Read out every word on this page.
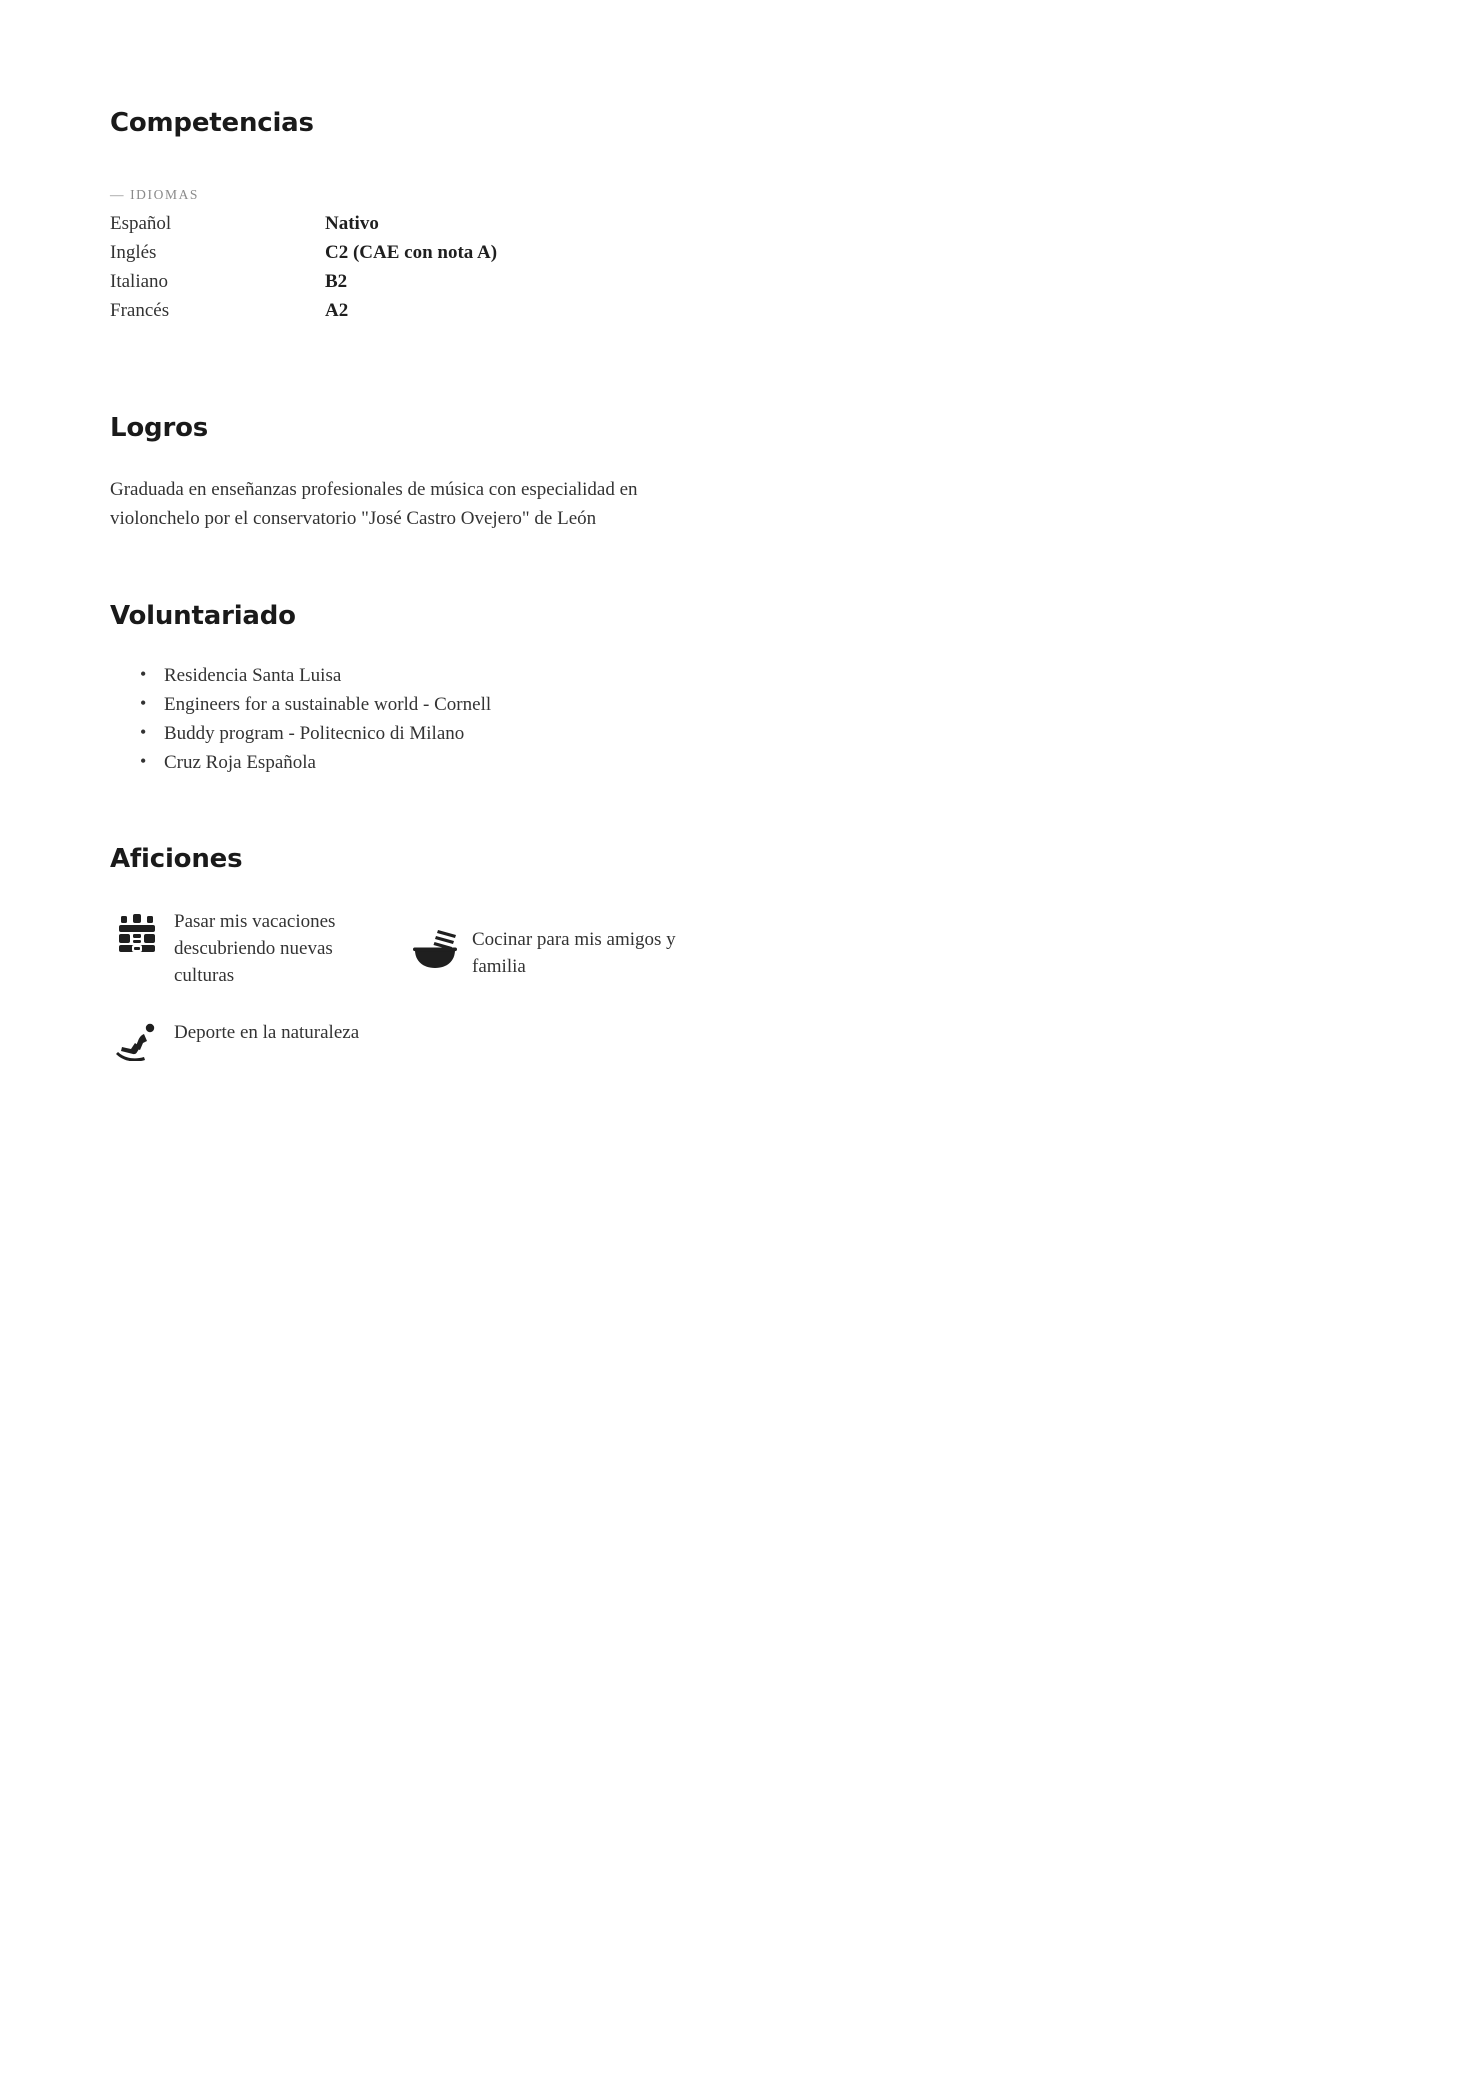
Competencias
— IDIOMAS
Español	Nativo
Inglés	C2 (CAE con nota A)
Italiano	B2
Francés	A2
Logros

Graduada en enseñanzas profesionales de música con especialidad en violonchelo por el conservatorio "José Castro Ovejero" de León

Voluntariado
• Residencia Santa Luisa
• Engineers for a sustainable world - Cornell
• Buddy program - Politecnico di Milano
• Cruz Roja Española
Aficiones
Pasar mis vacaciones descubriendo nuevas culturas
Cocinar para mis amigos y familia
Deporte en la naturaleza
